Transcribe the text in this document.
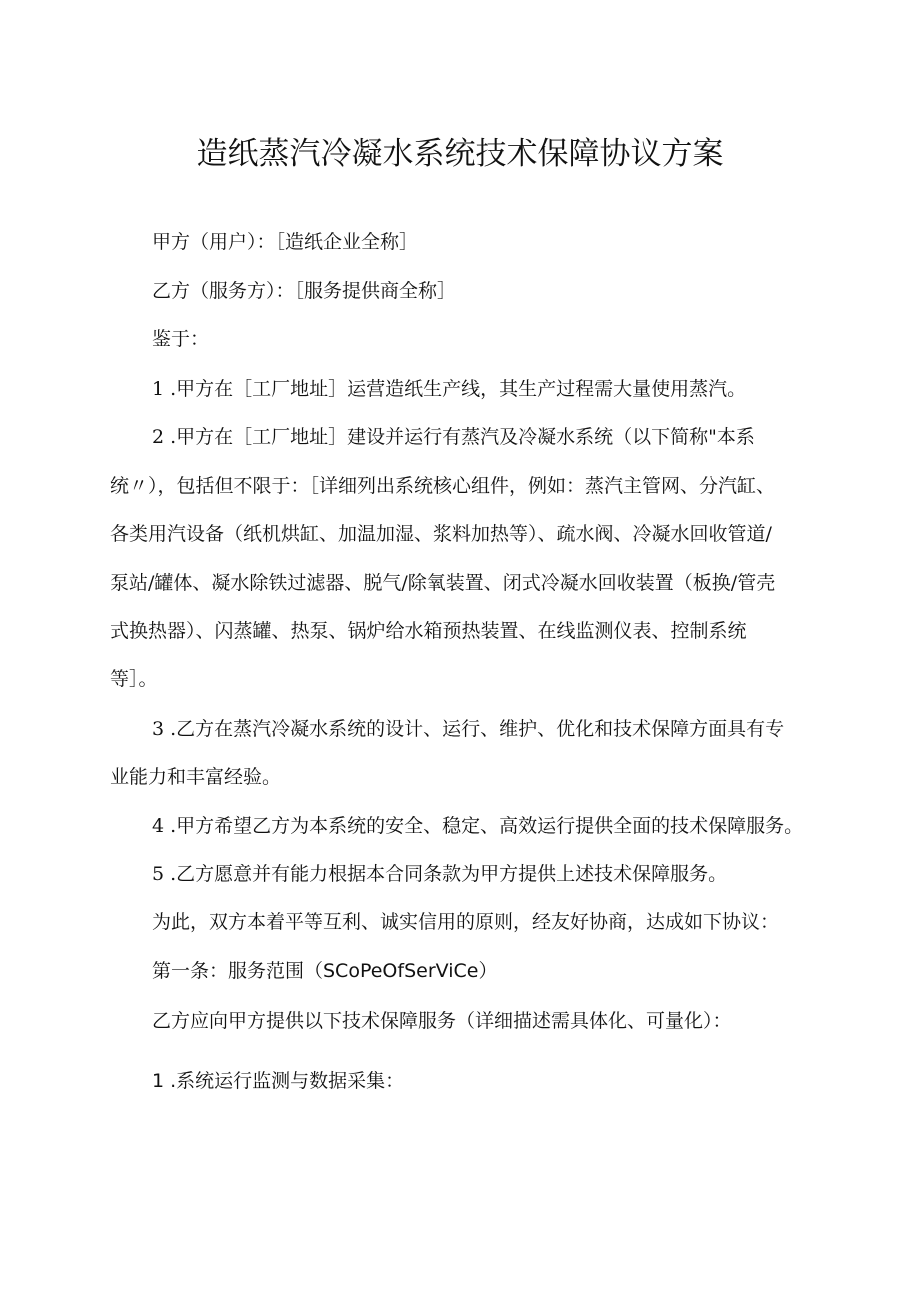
造纸蒸汽冷凝水系统技术保障协议方案
甲方（用户）：［造纸企业全称］
乙方（服务方）：［服务提供商全称］
鉴于：
1 .甲方在［工厂地址］运营造纸生产线，其生产过程需大量使用蒸汽。
2 .甲方在［工厂地址］建设并运行有蒸汽及冷凝水系统（以下简称"本系
统〃），包括但不限于：［详细列出系统核心组件，例如：蒸汽主管网、分汽缸、
各类用汽设备（纸机烘缸、加温加湿、浆料加热等）、疏水阀、冷凝水回收管道/
泵站/罐体、凝水除铁过滤器、脱气/除氧装置、闭式冷凝水回收装置（板换/管壳
式换热器）、闪蒸罐、热泵、锅炉给水箱预热装置、在线监测仪表、控制系统
等］。
3 .乙方在蒸汽冷凝水系统的设计、运行、维护、优化和技术保障方面具有专
业能力和丰富经验。
4 .甲方希望乙方为本系统的安全、稳定、高效运行提供全面的技术保障服务。
5 .乙方愿意并有能力根据本合同条款为甲方提供上述技术保障服务。
为此，双方本着平等互利、诚实信用的原则，经友好协商，达成如下协议：
第一条：服务范围（SCoPeOfSerViCe）
乙方应向甲方提供以下技术保障服务（详细描述需具体化、可量化）：
1 .系统运行监测与数据采集：
